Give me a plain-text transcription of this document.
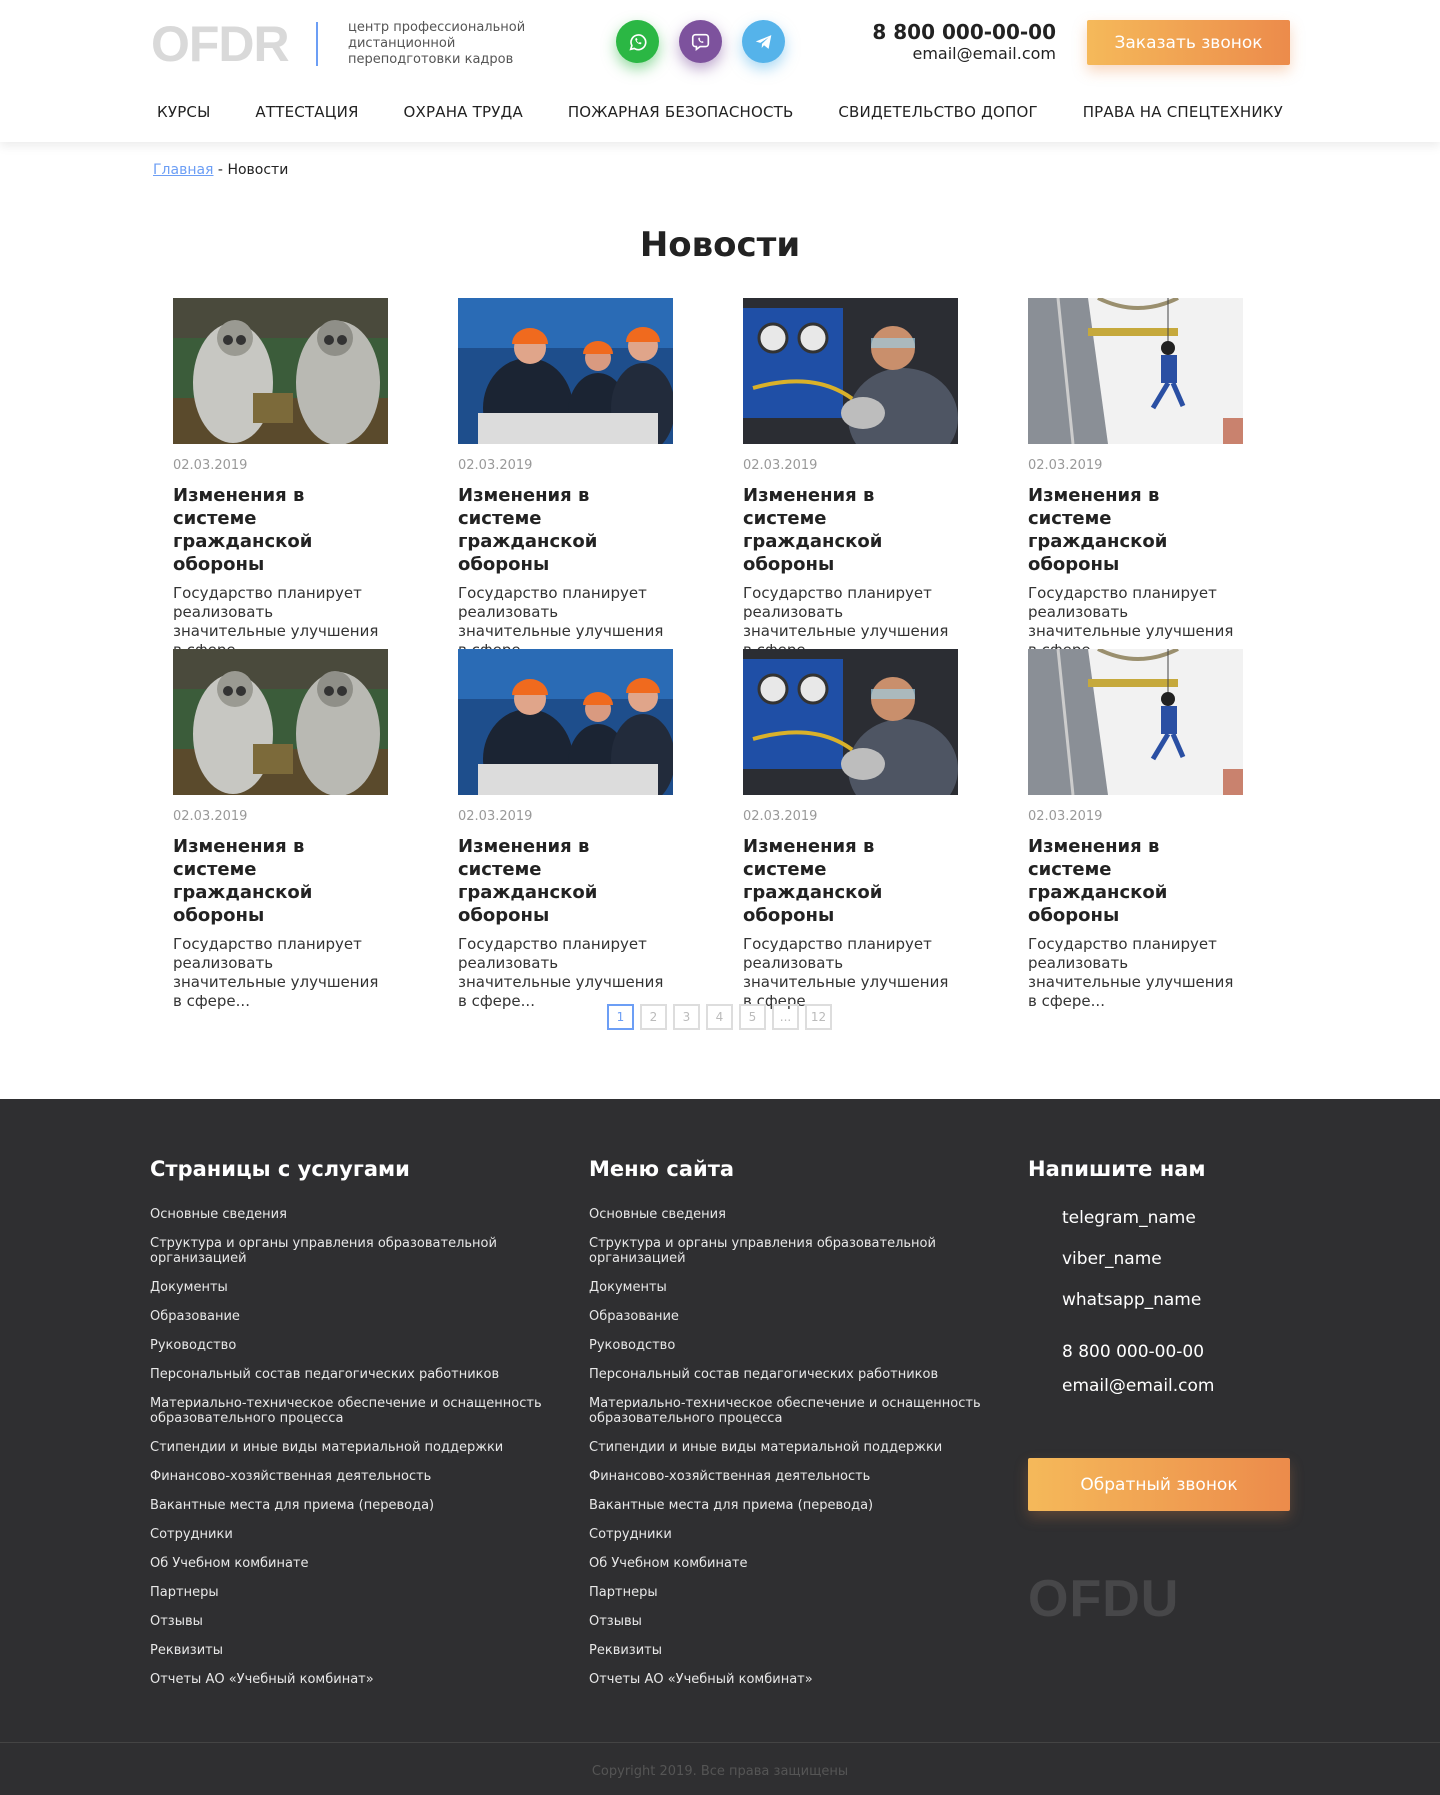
OFDR	центр профессиональной дистанционной переподготовки кадров
8 800 000-00-00
email@email.com
Заказать звонок
КУРСЫ	АТТЕСТАЦИЯ	ОХРАНА ТРУДА	ПОЖАРНАЯ БЕЗОПАСНОСТЬ	СВИДЕТЕЛЬСТВО ДОПОГ	ПРАВА НА СПЕЦТЕХНИКУ
Главная - Новости
Новости
02.03.2019
Изменения в системе гражданской обороны
Государство планирует реализовать значительные улучшения
02.03.2019
Изменения в системе гражданской обороны
Государство планирует реализовать значительные улучшения
02.03.2019
Изменения в системе гражданской обороны
Государство планирует реализовать значительные улучшения
02.03.2019
Изменения в системе гражданской обороны
Государство планирует реализовать значительные улучшения
02.03.2019
Изменения в системе гражданской обороны
Государство планирует реализовать значительные улучшения в сфере...
02.03.2019
Изменения в системе гражданской обороны
Государство планирует реализовать значительные улучшения в сфере...
02.03.2019
Изменения в системе гражданской обороны
Государство планирует реализовать значительные улучшения в сфере...
02.03.2019
Изменения в системе гражданской обороны
Государство планирует реализовать значительные улучшения в сфере...
1	2	3	4	5	...	12
Страницы с услугами
Основные сведения
Структура и органы управления образовательной организацией
Документы
Образование
Руководство
Персональный состав педагогических работников
Материально-техническое обеспечение и оснащенность образовательного процесса
Стипендии и иные виды материальной поддержки
Финансово-хозяйственная деятельность
Вакантные места для приема (перевода)
Сотрудники
Об Учебном комбинате
Партнеры
Отзывы
Реквизиты
Отчеты АО «Учебный комбинат»
Меню сайта
Основные сведения
Структура и органы управления образовательной организацией
Документы
Образование
Руководство
Персональный состав педагогических работников
Материально-техническое обеспечение и оснащенность образовательного процесса
Стипендии и иные виды материальной поддержки
Финансово-хозяйственная деятельность
Вакантные места для приема (перевода)
Сотрудники
Об Учебном комбинате
Партнеры
Отзывы
Реквизиты
Отчеты АО «Учебный комбинат»
Напишите нам
telegram_name
viber_name
whatsapp_name
8 800 000-00-00
email@email.com
Обратный звонок
OFDU
Copyright 2019. Все права защищены
